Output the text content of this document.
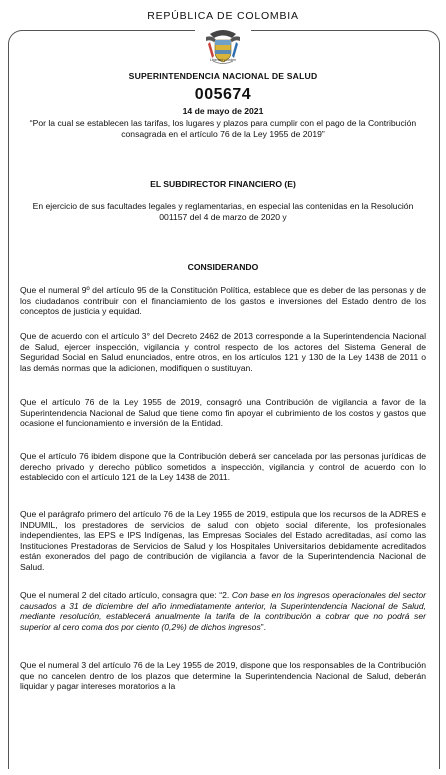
REPÚBLICA DE COLOMBIA
Libertad y Orden
SUPERINTENDENCIA NACIONAL DE SALUD
005674
14 de mayo de 2021
“Por la cual se establecen las tarifas, los lugares y plazos para cumplir con el pago de la Contribución consagrada en el artículo 76 de la Ley 1955 de 2019”
EL SUBDIRECTOR FINANCIERO (E)
En ejercicio de sus facultades legales y reglamentarias, en especial las contenidas en la Resolución 001157 del 4 de marzo de 2020 y
CONSIDERANDO

Que el numeral 9º del artículo 95 de la Constitución Política, establece que es deber de las personas y de los ciudadanos contribuir con el financiamiento de los gastos e inversiones del Estado dentro de los conceptos de justicia y equidad.

Que de acuerdo con el artículo 3° del Decreto 2462 de 2013 corresponde a la Superintendencia Nacional de Salud, ejercer inspección, vigilancia y control respecto de los actores del Sistema General de Seguridad Social en Salud enunciados, entre otros, en los artículos 121 y 130 de la Ley 1438 de 2011 o las demás normas que la adicionen, modifiquen o sustituyan.

Que el artículo 76 de la Ley 1955 de 2019, consagró una Contribución de vigilancia a favor de la Superintendencia Nacional de Salud que tiene como fin apoyar el cubrimiento de los costos y gastos que ocasione el funcionamiento e inversión de la Entidad.

Que el artículo 76 ibidem dispone que la Contribución deberá ser cancelada por las personas jurídicas de derecho privado y derecho público sometidos a inspección, vigilancia y control de acuerdo con lo establecido con el artículo 121 de la Ley 1438 de 2011.

Que el parágrafo primero del artículo 76 de la Ley 1955 de 2019, estipula que los recursos de la ADRES e INDUMIL, los prestadores de servicios de salud con objeto social diferente, los profesionales independientes, las EPS e IPS Indígenas, las Empresas Sociales del Estado acreditadas, así como las Instituciones Prestadoras de Servicios de Salud y los Hospitales Universitarios debidamente acreditados están exonerados del pago de contribución de vigilancia a favor de la Superintendencia Nacional de Salud.

Que el numeral 2 del citado artículo, consagra que: “2. Con base en los ingresos operacionales del sector causados a 31 de diciembre del año inmediatamente anterior, la Superintendencia Nacional de Salud, mediante resolución, establecerá anualmente la tarifa de la contribución a cobrar que no podrá ser superior al cero coma dos por ciento (0,2%) de dichos ingresos”.

Que el numeral 3 del artículo 76 de la Ley 1955 de 2019, dispone que los responsables de la Contribución que no cancelen dentro de los plazos que determine la Superintendencia Nacional de Salud, deberán liquidar y pagar intereses moratorios a la
